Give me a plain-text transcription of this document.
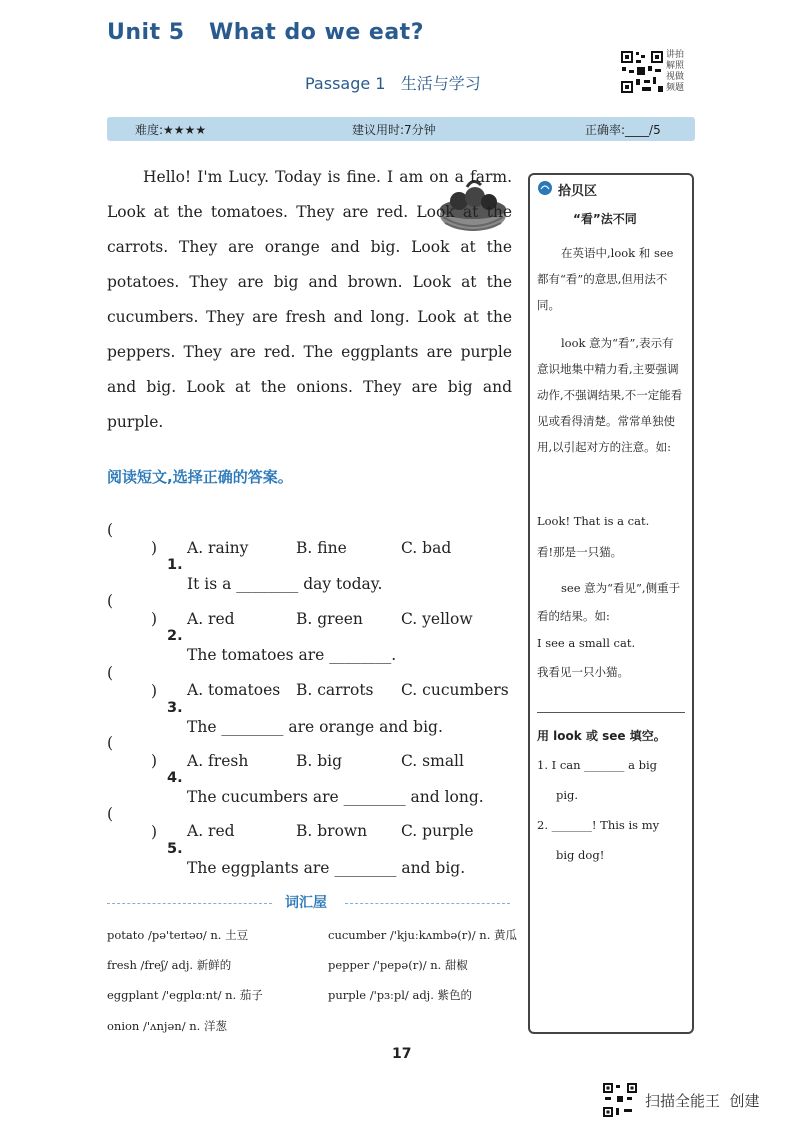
Unit 5   What do we eat?
Passage 1   生活与学习
讲拍解照视做频题
难度:★★★★	建议用时:7分钟	正确率:____/5

Hello! I'm Lucy. Today is fine. I am on a farm. Look at the tomatoes. They are red. Look at the carrots. They are orange and big. Look at the potatoes. They are big and brown. Look at the cucumbers. They are fresh and long. Look at the peppers. They are red. The eggplants are purple and big. Look at the onions. They are big and purple.

阅读短文,选择正确的答案。

(

)

1.

It is a ________ day today.

A. rainy	B. fine	C. bad

(

)

2.

The tomatoes are ________.

A. red	B. green C. yellow

(

)

3.

The ________ are orange and big.

A. tomatoes B. carrots C. cucumbers

(

)

4.

The cucumbers are ________ and long.

A. fresh	B. big	C. small

(

)

5.

The eggplants are ________ and big.

A. red	B. brown C. purple
词汇屋
potato /pə'teɪtəʊ/ n. 土豆	cucumber /'kjuːkʌmbə(r)/ n. 黄瓜
fresh /freʃ/ adj. 新鲜的	pepper /'pepə(r)/ n. 甜椒
eggplant /'egplɑːnt/ n. 茄子	purple /'pɜːpl/ adj. 紫色的
onion /'ʌnjən/ n. 洋葱
拾贝区
“看”法不同
在英语中,look 和 see 都有“看”的意思,但用法不同。
look 意为“看”,表示有意识地集中精力看,主要强调动作,不强调结果,不一定能看见或看得清楚。常常单独使用,以引起对方的注意。如:
Look! That is a cat.
看!那是一只猫。
see 意为“看见”,侧重于看的结果。如:
I see a small cat.
我看见一只小猫。
用 look 或 see 填空。
1. I can _______ a big
pig.
2. _______! This is my
big dog!
17
扫描全能王  创建
